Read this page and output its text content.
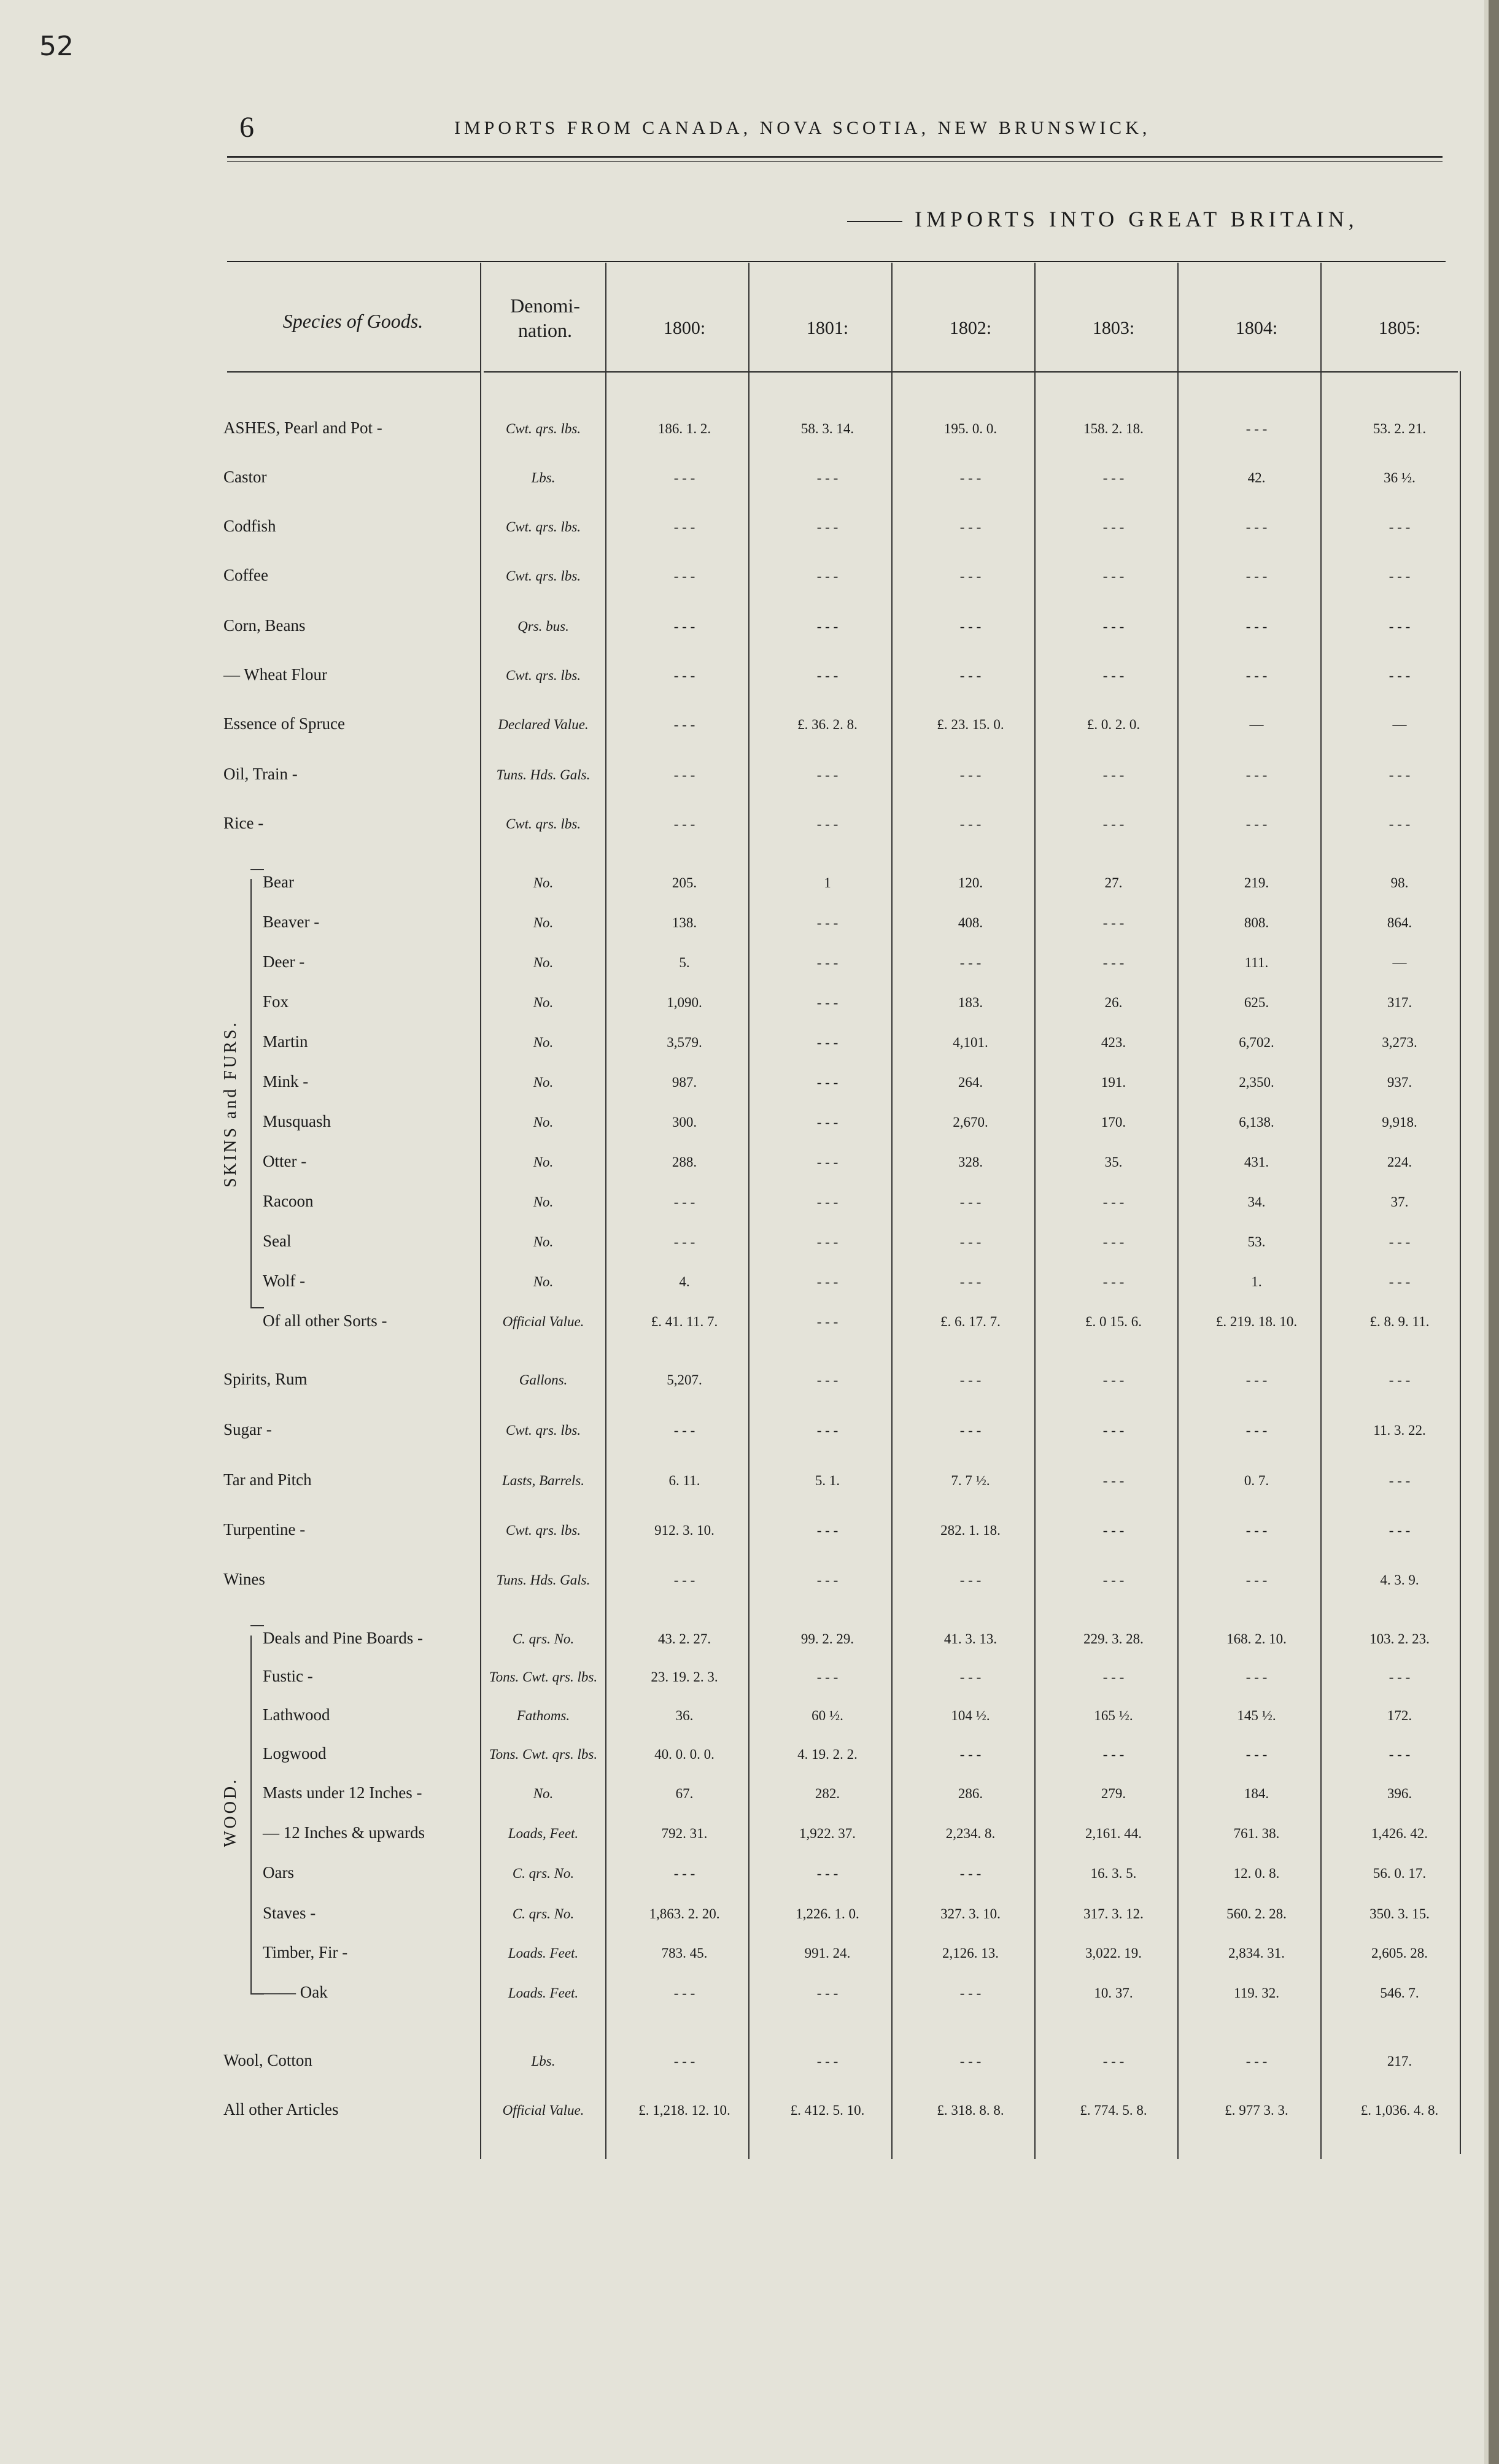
52
6	IMPORTS FROM CANADA, NOVA SCOTIA, NEW BRUNSWICK,
IMPORTS INTO GREAT BRITAIN,
Species of Goods.
Denomi-
nation.	1800:	1801:	1802:	1803:	1804:	1805:
ASHES, Pearl and Pot -	Cwt. qrs. lbs.	186. 1. 2.	58. 3. 14.	195. 0. 0.	158. 2. 18.	- - -	53. 2. 21.
Castor	Lbs.	- - -	- - -	- - -	- - -	42.	36 ½.
Codfish	Cwt. qrs. lbs.	- - -	- - -	- - -	- - -	- - -	- - -
Coffee	Cwt. qrs. lbs.	- - -	- - -	- - -	- - -	- - -	- - -
Corn, Beans	Qrs. bus.	- - -	- - -	- - -	- - -	- - -	- - -
— Wheat Flour	Cwt. qrs. lbs.	- - -	- - -	- - -	- - -	- - -	- - -
Essence of Spruce	Declared Value.	- - -	£. 36. 2. 8.	£. 23. 15. 0.	£. 0. 2. 0.	—	—
Oil, Train -	Tuns. Hds. Gals.	- - -	- - -	- - -	- - -	- - -	- - -
Rice -	Cwt. qrs. lbs.	- - -	- - -	- - -	- - -	- - -	- - -
Bear	No.	205.	1	120.	27.	219.	98.
Beaver -	No.	138.	- - -	408.	- - -	808.	864.
Deer -	No.	5.	- - -	- - -	- - -	111.	—
Fox	No.	1,090.	- - -	183.	26.	625.	317.
Martin	No.	3,579.	- - -	4,101.	423.	6,702.	3,273.
Mink -	No.	987.	- - -	264.	191.	2,350.	937.
Musquash	No.	300.	- - -	2,670.	170.	6,138.	9,918.
Otter -	No.	288.	- - -	328.	35.	431.	224.
Racoon	No.	- - -	- - -	- - -	- - -	34.	37.
Seal	No.	- - -	- - -	- - -	- - -	53.	- - -
Wolf -	No.	4.	- - -	- - -	- - -	1.	- - -
Of all other Sorts -	Official Value.	£. 41. 11. 7.	- - -	£. 6. 17. 7.	£. 0 15. 6.	£. 219. 18. 10.	£. 8. 9. 11.
Spirits, Rum	Gallons.	5,207.	- - -	- - -	- - -	- - -	- - -
Sugar -	Cwt. qrs. lbs.	- - -	- - -	- - -	- - -	- - -	11. 3. 22.
Tar and Pitch	Lasts, Barrels.	6. 11.	5. 1.	7. 7 ½.	- - -	0. 7.	- - -
Turpentine -	Cwt. qrs. lbs.	912. 3. 10.	- - -	282. 1. 18.	- - -	- - -	- - -
Wines	Tuns. Hds. Gals.	- - -	- - -	- - -	- - -	- - -	4. 3. 9.
Deals and Pine Boards -	C. qrs. No.	43. 2. 27.	99. 2. 29.	41. 3. 13.	229. 3. 28.	168. 2. 10.	103. 2. 23.
Fustic -	Tons. Cwt. qrs. lbs.	23. 19. 2. 3.	- - -	- - -	- - -	- - -	- - -
Lathwood	Fathoms.	36.	60 ½.	104 ½.	165 ½.	145 ½.	172.
Logwood	Tons. Cwt. qrs. lbs.	40. 0. 0. 0.	4. 19. 2. 2.	- - -	- - -	- - -	- - -
Masts under 12 Inches -	No.	67.	282.	286.	279.	184.	396.
— 12 Inches & upwards	Loads, Feet.	792. 31.	1,922. 37.	2,234. 8.	2,161. 44.	761. 38.	1,426. 42.
Oars	C. qrs. No.	- - -	- - -	- - -	16. 3. 5.	12. 0. 8.	56. 0. 17.
Staves -	C. qrs. No.	1,863. 2. 20.	1,226. 1. 0.	327. 3. 10.	317. 3. 12.	560. 2. 28.	350. 3. 15.
Timber, Fir -	Loads. Feet.	783. 45.	991. 24.	2,126. 13.	3,022. 19.	2,834. 31.	2,605. 28.
—— Oak	Loads. Feet.	- - -	- - -	- - -	10. 37.	119. 32.	546. 7.
Wool, Cotton	Lbs.	- - -	- - -	- - -	- - -	- - -	217.
All other Articles	Official Value.	£. 1,218. 12. 10.	£. 412. 5. 10.	£. 318. 8. 8.	£. 774. 5. 8.	£. 977 3. 3.	£. 1,036. 4. 8.
SKINS and FURS.
WOOD.
